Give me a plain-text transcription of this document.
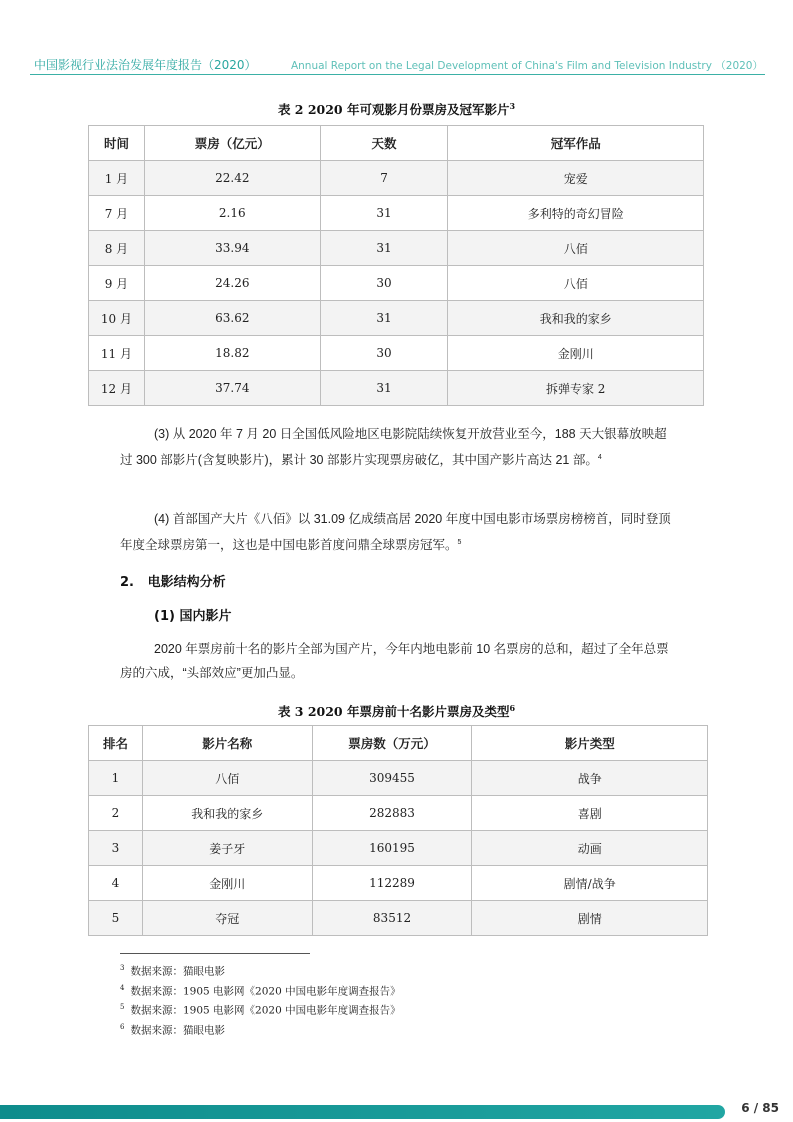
中国影视行业法治发展年度报告（2020）	Annual Report on the Legal Development of China's Film and Television Industry （2020）
表 2 2020 年可观影月份票房及冠军影片$^3$
时间	票房（亿元）	天数	冠军作品
1 月	22.42	7	宠爱
7 月	2.16	31	多利特的奇幻冒险
8 月	33.94	31	八佰
9 月	24.26	30	八佰
10 月	63.62	31	我和我的家乡
11 月	18.82	30	金刚川
12 月	37.74	31	拆弹专家 2
(3) 从 2020 年 7 月 20 日全国低风险地区电影院陆续恢复开放营业至今，188 天大银幕放映超过 300 部影片(含复映影片)，累计 30 部影片实现票房破亿，其中国产影片高达 21 部。$^4$
(4) 首部国产大片《八佰》以 31.09 亿成绩高居 2020 年度中国电影市场票房榜榜首，同时登顶年度全球票房第一，这也是中国电影首度问鼎全球票房冠军。$^5$
2. 电影结构分析
(1) 国内影片
2020 年票房前十名的影片全部为国产片，今年内地电影前 10 名票房的总和，超过了全年总票房的六成，“头部效应”更加凸显。
表 3 2020 年票房前十名影片票房及类型$^6$
排名	影片名称	票房数（万元）	影片类型
1	八佰	309455	战争
2	我和我的家乡	282883	喜剧
3	姜子牙	160195	动画
4	金刚川	112289	剧情/战争
5	夺冠	83512	剧情
$^3$ 数据来源：猫眼电影
$^4$ 数据来源：1905 电影网《2020 中国电影年度调查报告》
$^5$ 数据来源：1905 电影网《2020 中国电影年度调查报告》
$^6$ 数据来源：猫眼电影
6 / 85
